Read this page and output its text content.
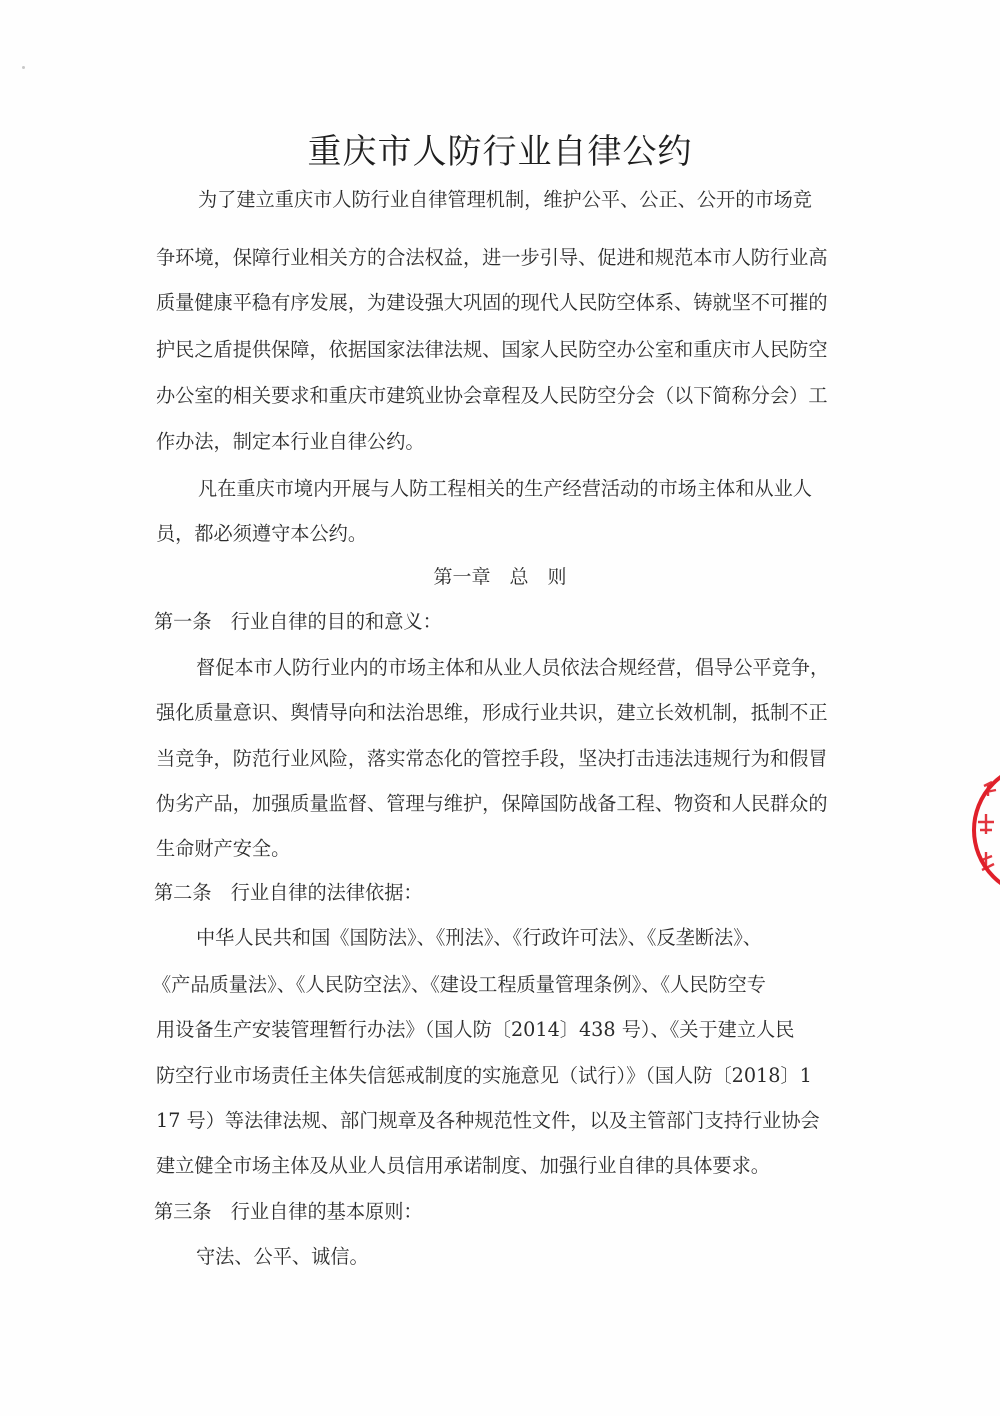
重庆市人防行业自律公约
为了建立重庆市人防行业自律管理机制，维护公平、公正、公开的市场竞
争环境，保障行业相关方的合法权益，进一步引导、促进和规范本市人防行业高
质量健康平稳有序发展，为建设强大巩固的现代人民防空体系、铸就坚不可摧的
护民之盾提供保障，依据国家法律法规、国家人民防空办公室和重庆市人民防空
办公室的相关要求和重庆市建筑业协会章程及人民防空分会（以下简称分会）工
作办法，制定本行业自律公约。
凡在重庆市境内开展与人防工程相关的生产经营活动的市场主体和从业人
员，都必须遵守本公约。
第一章　总　则
第一条　行业自律的目的和意义：
督促本市人防行业内的市场主体和从业人员依法合规经营，倡导公平竞争，
强化质量意识、舆情导向和法治思维，形成行业共识，建立长效机制，抵制不正
当竞争，防范行业风险，落实常态化的管控手段，坚决打击违法违规行为和假冒
伪劣产品，加强质量监督、管理与维护，保障国防战备工程、物资和人民群众的
生命财产安全。
第二条　行业自律的法律依据：
中华人民共和国《国防法》、《刑法》、《行政许可法》、《反垄断法》、
《产品质量法》、《人民防空法》、《建设工程质量管理条例》、《人民防空专
用设备生产安装管理暂行办法》（国人防〔2014〕438 号）、《关于建立人民
防空行业市场责任主体失信惩戒制度的实施意见（试行）》（国人防〔2018〕1
17 号）等法律法规、部门规章及各种规范性文件，以及主管部门支持行业协会
建立健全市场主体及从业人员信用承诺制度、加强行业自律的具体要求。
第三条　行业自律的基本原则：
守法、公平、诚信。
